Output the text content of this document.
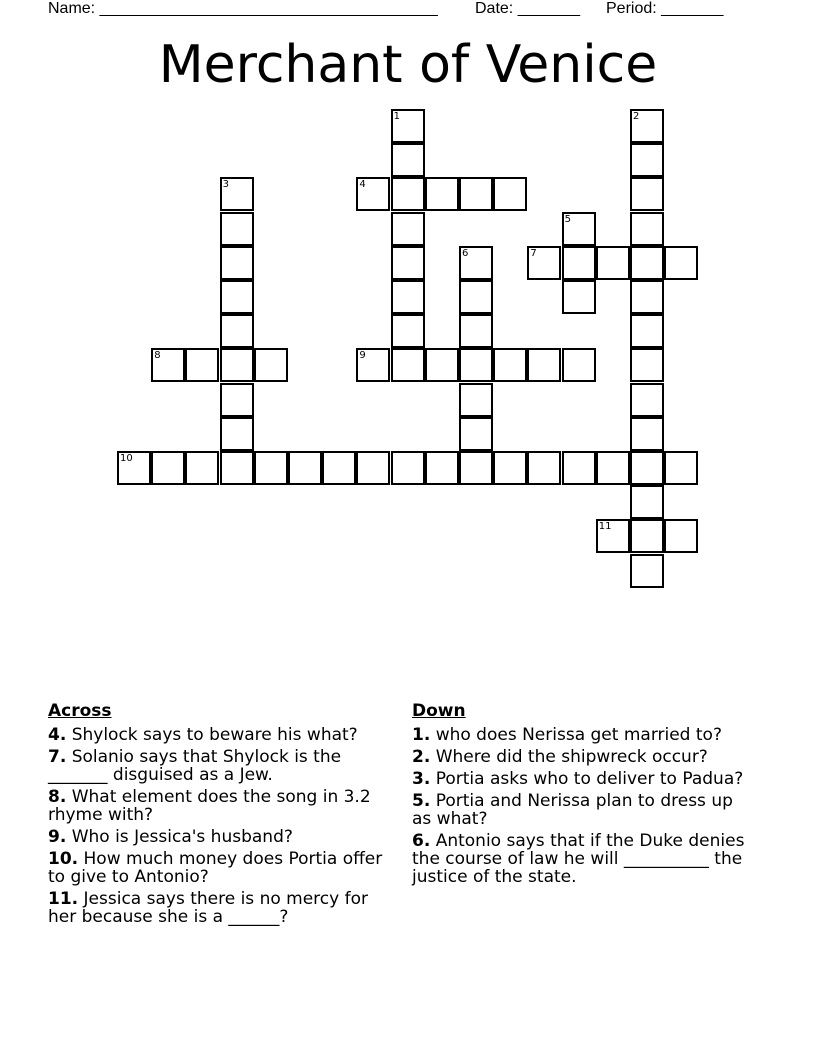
Name: ______________________________________ Date: _______ Period: _______
Merchant of Venice
1	2
3	4
5
6	7
8	9
10
11
Across
4. Shylock says to beware his what?
7. Solanio says that Shylock is the _______ disguised as a Jew.
8. What element does the song in 3.2 rhyme with?
9. Who is Jessica's husband?
10. How much money does Portia offer to give to Antonio?
11. Jessica says there is no mercy for her because she is a ______?
Down
1. who does Nerissa get married to?
2. Where did the shipwreck occur?
3. Portia asks who to deliver to Padua?
5. Portia and Nerissa plan to dress up as what?
6. Antonio says that if the Duke denies the course of law he will __________ the justice of the state.
